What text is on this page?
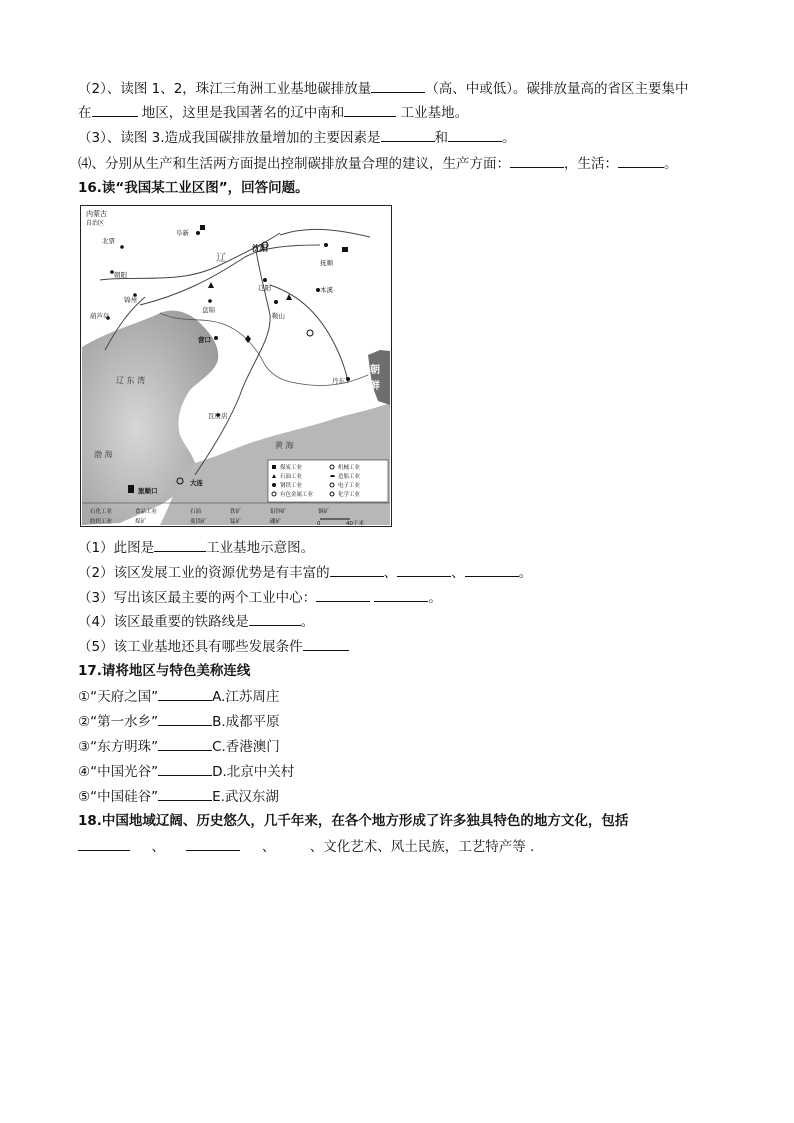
（2）、读图 1、2，珠江三角洲工业基地碳排放量	（高、中或低）。碳排放量高的省区主要集中
在	地区，这里是我国著名的辽中南和	工业基地。
（3）、读图 3.造成我国碳排放量增加的主要因素是	和	。
⑷、分别从生产和生活两方面提出控制碳排放量合理的建议，生产方面：	，生活：	。
16.读“我国某工业区图”，回答问题。
内蒙古
自治区
辽
朝
鲜
辽 东 湾
渤 海
黄 海
阜新
北票
朝阳
锦州
葫芦岛
盘锦
沈阳
抚顺
辽阳	本溪
鞍山
营口
丹东
瓦房店
大连
旅顺口
煤炭工业
石油工业
钢铁工业
有色金属工业
机械工业
造船工业
电子工业
化学工业
石化工业	食品工业	石油	铁矿	铅锌矿	铜矿
纺织工业	煤矿	菱镁矿	锰矿	硼矿	0	40千米
（1）此图是	工业基地示意图。
（2）该区发展工业的资源优势是有丰富的	、	、	。
（3）写出该区最主要的两个工业中心：	。
（4）该区最重要的铁路线是	。
（5）该工业基地还具有哪些发展条件
17.请将地区与特色美称连线
①“天府之国”	A.江苏周庄
②“第一水乡”	B.成都平原
③“东方明珠”	C.香港澳门
④“中国光谷”	D.北京中关村
⑤“中国硅谷”	E.武汉东湖
18.中国地域辽阔、历史悠久，几千年来，在各个地方形成了许多独具特色的地方文化，包括
、	、	、文化艺术、风土民族，工艺特产等 .
